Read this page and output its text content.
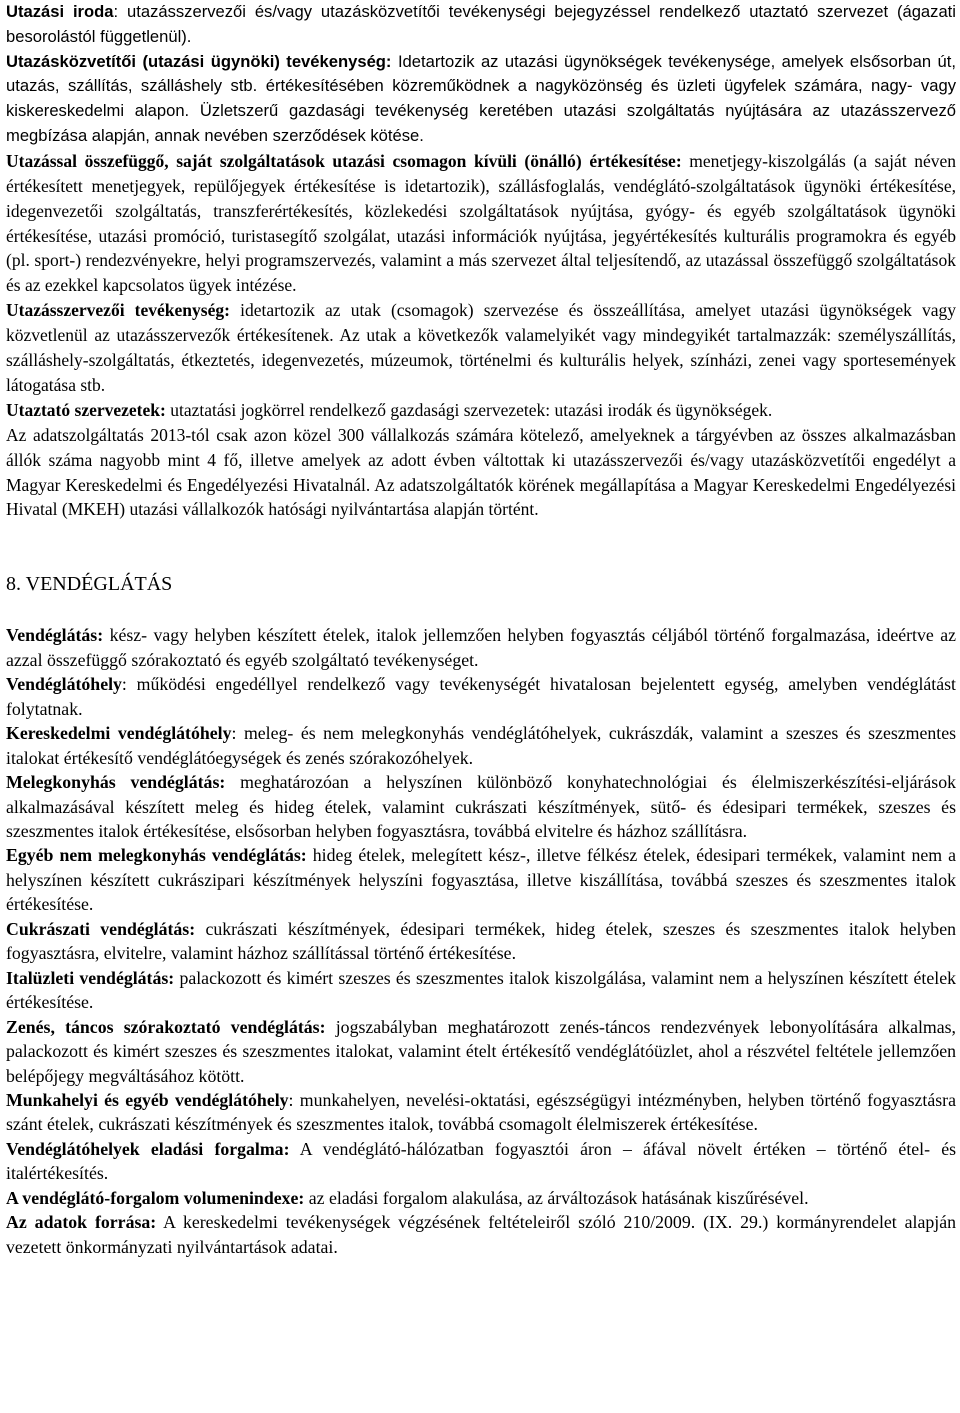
Utazási iroda: utazásszervezői és/vagy utazásközvetítői tevékenységi bejegyzéssel rendelkező utaztató szervezet (ágazati besorolástól függetlenül).

Utazásközvetítői (utazási ügynöki) tevékenység: Idetartozik az utazási ügynökségek tevékenysége, amelyek elsősorban út, utazás, szállítás, szálláshely stb. értékesítésében közreműködnek a nagyközönség és üzleti ügyfelek számára, nagy- vagy kiskereskedelmi alapon. Üzletszerű gazdasági tevékenység keretében utazási szolgáltatás nyújtására az utazásszervező megbízása alapján, annak nevében szerződések kötése.

Utazással összefüggő, saját szolgáltatások utazási csomagon kívüli (önálló) értékesítése: menetjegy-kiszolgálás (a saját néven értékesített menetjegyek, repülőjegyek értékesítése is idetartozik), szállásfoglalás, vendéglátó-szolgáltatások ügynöki értékesítése, idegenvezetői szolgáltatás, transzferértékesítés, közlekedési szolgáltatások nyújtása, gyógy- és egyéb szolgáltatások ügynöki értékesítése, utazási promóció, turistasegítő szolgálat, utazási információk nyújtása, jegyértékesítés kulturális programokra és egyéb (pl. sport-) rendezvényekre, helyi programszervezés, valamint a más szervezet által teljesítendő, az utazással összefüggő szolgáltatások és az ezekkel kapcsolatos ügyek intézése.

Utazásszervezői tevékenység: idetartozik az utak (csomagok) szervezése és összeállítása, amelyet utazási ügynökségek vagy közvetlenül az utazásszervezők értékesítenek. Az utak a következők valamelyikét vagy mindegyikét tartalmazzák: személyszállítás, szálláshely-szolgáltatás, étkeztetés, idegenvezetés, múzeumok, történelmi és kulturális helyek, színházi, zenei vagy sportesemények látogatása stb.

Utaztató szervezetek: utaztatási jogkörrel rendelkező gazdasági szervezetek: utazási irodák és ügynökségek.

Az adatszolgáltatás 2013-tól csak azon közel 300 vállalkozás számára kötelező, amelyeknek a tárgyévben az összes alkalmazásban állók száma nagyobb mint 4 fő, illetve amelyek az adott évben váltottak ki utazásszervezői és/vagy utazásközvetítői engedélyt a Magyar Kereskedelmi és Engedélyezési Hivatalnál. Az adatszolgáltatók körének megállapítása a Magyar Kereskedelmi Engedélyezési Hivatal (MKEH) utazási vállalkozók hatósági nyilvántartása alapján történt.

8. VENDÉGLÁTÁS

Vendéglátás: kész- vagy helyben készített ételek, italok jellemzően helyben fogyasztás céljából történő forgalmazása, ideértve az azzal összefüggő szórakoztató és egyéb szolgáltató tevékenységet.

Vendéglátóhely: működési engedéllyel rendelkező vagy tevékenységét hivatalosan bejelentett egység, amelyben vendéglátást folytatnak.

Kereskedelmi vendéglátóhely: meleg- és nem melegkonyhás vendéglátóhelyek, cukrászdák, valamint a szeszes és szeszmentes italokat értékesítő vendéglátóegységek és zenés szórakozóhelyek.

Melegkonyhás vendéglátás: meghatározóan a helyszínen különböző konyhatechnológiai és élelmiszerkészítési-eljárások alkalmazásával készített meleg és hideg ételek, valamint cukrászati készítmények, sütő- és édesipari termékek, szeszes és szeszmentes italok értékesítése, elsősorban helyben fogyasztásra, továbbá elvitelre és házhoz szállításra.

Egyéb nem melegkonyhás vendéglátás: hideg ételek, melegített kész-, illetve félkész ételek, édesipari termékek, valamint nem a helyszínen készített cukrászipari készítmények helyszíni fogyasztása, illetve kiszállítása, továbbá szeszes és szeszmentes italok értékesítése.

Cukrászati vendéglátás: cukrászati készítmények, édesipari termékek, hideg ételek, szeszes és szeszmentes italok helyben fogyasztásra, elvitelre, valamint házhoz szállítással történő értékesítése.

Italüzleti vendéglátás: palackozott és kimért szeszes és szeszmentes italok kiszolgálása, valamint nem a helyszínen készített ételek értékesítése.

Zenés, táncos szórakoztató vendéglátás: jogszabályban meghatározott zenés-táncos rendezvények lebonyolítására alkalmas, palackozott és kimért szeszes és szeszmentes italokat, valamint ételt értékesítő vendéglátóüzlet, ahol a részvétel feltétele jellemzően belépőjegy megváltásához kötött.

Munkahelyi és egyéb vendéglátóhely: munkahelyen, nevelési-oktatási, egészségügyi intézményben, helyben történő fogyasztásra szánt ételek, cukrászati készítmények és szeszmentes italok, továbbá csomagolt élelmiszerek értékesítése.

Vendéglátóhelyek eladási forgalma: A vendéglátó-hálózatban fogyasztói áron – áfával növelt értéken – történő étel- és italértékesítés.

A vendéglátó-forgalom volumenindexe: az eladási forgalom alakulása, az árváltozások hatásának kiszűrésével.

Az adatok forrása: A kereskedelmi tevékenységek végzésének feltételeiről szóló 210/2009. (IX. 29.) kormányrendelet alapján vezetett önkormányzati nyilvántartások adatai.
